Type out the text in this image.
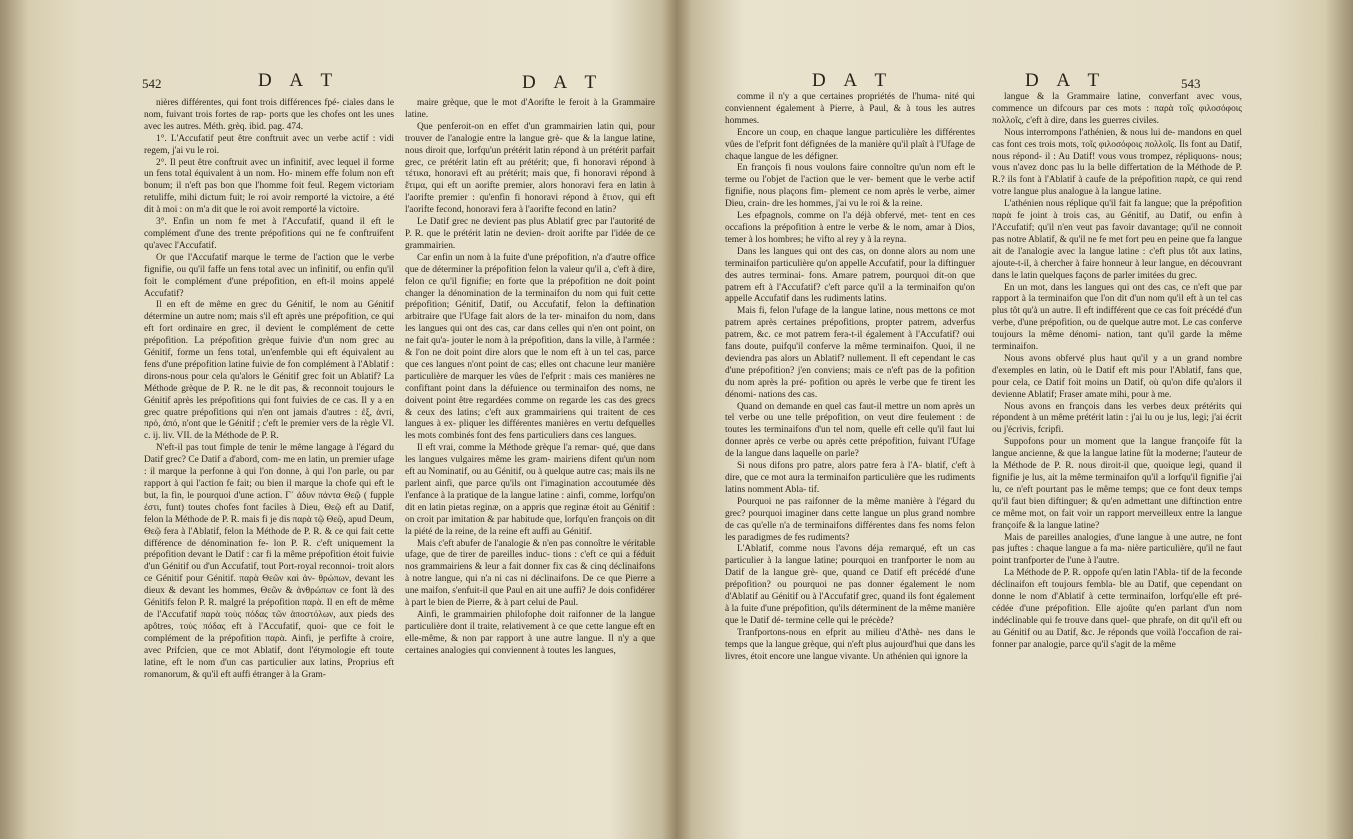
542	D A T	D A T

nières différentes, qui font trois différences fpé- ciales dans le nom, fuivant trois fortes de rap- ports que les chofes ont les unes avec les autres. Méth. grèq. ibid. pag. 474.

1°. L'Accufatif peut être conftruit avec un verbe actif : vidi regem, j'ai vu le roi.

2°. Il peut être conftruit avec un infinitif, avec lequel il forme un fens total équivalent à un nom. Ho- minem effe folum non eft bonum; il n'eft pas bon que l'homme foit feul. Regem victoriam retuliffe, mihi dictum fuit; le roi avoir remporté la victoire, a été dit à moi : on m'a dit que le roi avoit remporté la victoire.

3°. Enfin un nom fe met à l'Accufatif, quand il eft le complément d'une des trente prépofitions qui ne fe conftruifent qu'avec l'Accufatif.

Or que l'Accufatif marque le terme de l'action que le verbe fignifie, ou qu'il faffe un fens total avec un infinitif, ou enfin qu'il foit le complément d'une prépofition, en eft-il moins appelé Accufatif?

Il en eft de même en grec du Génitif, le nom au Génitif détermine un autre nom; mais s'il eft après une prépofition, ce qui eft fort ordinaire en grec, il devient le complément de cette prépofition. La prépofition grèque fuivie d'un nom grec au Génitif, forme un fens total, un'enfemble qui eft équivalent au fens d'une prépofition latine fuivie de fon complément à l'Ablatif : dirons-nous pour cela qu'alors le Génitif grec foit un Ablatif? La Méthode grèque de P. R. ne le dit pas, & reconnoit toujours le Génitif après les prépofitions qui font fuivies de ce cas. Il y a en grec quatre prépofitions qui n'en ont jamais d'autres : ἐξ, ἀντί, πρό, ἀπό, n'ont que le Génitif ; c'eft le premier vers de la règle VI. c. ij. liv. VII. de la Méthode de P. R.

N'eft-il pas tout fimple de tenir le même langage à l'égard du Datif grec? Ce Datif a d'abord, com- me en latin, un premier ufage : il marque la perfonne à qui l'on donne, à qui l'on parle, ou par rapport à qui l'action fe fait; ou bien il marque la chofe qui eft le but, la fin, le pourquoi d'une action. Γ᾽ ἀδυν πάντα Θεῷ ( fupple ἐστι, funt) toutes chofes font faciles à Dieu, Θεῷ eft au Datif, felon la Méthode de P. R. mais fi je dis παρὰ τῷ Θεῷ, apud Deum, Θεῷ fera à l'Ablatif, felon la Méthode de P. R. & ce qui fait cette différence de dénomination fe- lon P. R. c'eft uniquement la prépofition devant le Datif : car fi la même prépofition étoit fuivie d'un Génitif ou d'un Accufatif, tout Port-royal reconnoi- troit alors ce Génitif pour Génitif. παρὰ Θεῶν καὶ ἀν- θρώπων, devant les dieux & devant les hommes, Θεῶν & ἀνθρώπων ce font là des Génitifs felon P. R. malgré la prépofition παρὰ. Il en eft de même de l'Accufatif παρὰ τοὺς πόδας τῶν ἀποστόλων, aux pieds des apôtres, τοὺς πόδας eft à l'Accufatif, quoi- que ce foit le complément de la prépofition παρὰ. Ainfi, je perfifte à croire, avec Prifcien, que ce mot Ablatif, dont l'étymologie eft toute latine, eft le nom d'un cas particulier aux latins, Proprius eft romanorum, & qu'il eft auffi étranger à la Gram-

maire grèque, que le mot d'Aorifte le feroit à la Grammaire latine.

Que penferoit-on en effet d'un grammairien latin qui, pour trouver de l'analogie entre la langue grè- que & la langue latine, nous diroit que, lorfqu'un prétérit latin répond à un prétérit parfait grec, ce prétérit latin eft au prétérit; que, fi honoravi répond à τέτικα, honoravi eft au prétérit; mais que, fi honoravi répond à ἔτιμα, qui eft un aorifte premier, alors honoravi fera en latin à l'aorifte premier : qu'enfin fi honoravi répond à ἔτιον, qui eft l'aorifte fecond, honoravi fera à l'aorifte fecond en latin?

Le Datif grec ne devient pas plus Ablatif grec par l'autorité de P. R. que le prétérit latin ne devien- droit aorifte par l'idée de ce grammairien.

Car enfin un nom à la fuite d'une prépofition, n'a d'autre office que de déterminer la prépofition felon la valeur qu'il a, c'eft à dire, felon ce qu'il fignifie; en forte que la prépofition ne doit point changer la dénomination de la terminaifon du nom qui fuit cette prépofition; Génitif, Datif, ou Accufatif, felon la deftination arbitraire que l'Ufage fait alors de la ter- minaifon du nom, dans les langues qui ont des cas, car dans celles qui n'en ont point, on ne fait qu'a- jouter le nom à la prépofition, dans la ville, à l'armée : & l'on ne doit point dire alors que le nom eft à un tel cas, parce que ces langues n'ont point de cas; elles ont chacune leur manière particulière de marquer les vûes de l'efprit : mais ces manières ne confiftant point dans la défuience ou terminaifon des noms, ne doivent point être regardées comme on regarde les cas des grecs & ceux des latins; c'eft aux grammairiens qui traitent de ces langues à ex- pliquer les différentes manières en vertu defquelles les mots combinés font des fens particuliers dans ces langues.

Il eft vrai, comme la Méthode grèque l'a remar- qué, que dans les langues vulgaires même les gram- mairiens difent qu'un nom eft au Nominatif, ou au Génitif, ou à quelque autre cas; mais ils ne parlent ainfi, que parce qu'ils ont l'imagination accoutumée dès l'enfance à la pratique de la langue latine : ainfi, comme, lorfqu'on dit en latin pietas reginæ, on a appris que reginæ étoit au Génitif : on croit par imitation & par habitude que, lorfqu'en françois on dit la piété de la reine, de la reine eft auffi au Génitif.

Mais c'eft abufer de l'analogie & n'en pas connoître le véritable ufage, que de tirer de pareilles induc- tions : c'eft ce qui a féduit nos grammairiens & leur a fait donner fix cas & cinq déclinaifons à notre langue, qui n'a ni cas ni déclinaifons. De ce que Pierre a une maifon, s'enfuit-il que Paul en ait une auffi? Je dois confidérer à part le bien de Pierre, & à part celui de Paul.

Ainfi, le grammairien philofophe doit raifonner de la langue particulière dont il traite, relativement à ce que cette langue eft en elle-même, & non par rapport à une autre langue. Il n'y a que certaines analogies qui conviennent à toutes les langues,

D A T	D A T	543

comme il n'y a que certaines propriétés de l'huma- nité qui conviennent également à Pierre, à Paul, & à tous les autres hommes.

Encore un coup, en chaque langue particulière les différentes vûes de l'efprit font défignées de la manière qu'il plaît à l'Ufage de chaque langue de les défigner.

En françois fi nous voulons faire connoître qu'un nom eft le terme ou l'objet de l'action que le ver- bement que le verbe actif fignifie, nous plaçons fim- plement ce nom après le verbe, aimer Dieu, crain- dre les hommes, j'ai vu le roi & la reine.

Les efpagnols, comme on l'a déjà obfervé, met- tent en ces occafions la prépofition à entre le verbe & le nom, amar à Dios, temer à los hombres; he vifto al rey y à la reyna.

Dans les langues qui ont des cas, on donne alors au nom une terminaifon particulière qu'on appelle Accufatif, pour la diftinguer des autres terminai- fons. Amare patrem, pourquoi dit-on que patrem eft à l'Accufatif? c'eft parce qu'il a la terminaifon qu'on appelle Accufatif dans les rudiments latins.

Mais fi, felon l'ufage de la langue latine, nous mettons ce mot patrem après certaines prépofitions, propter patrem, adverfus patrem, &c. ce mot patrem fera-t-il également à l'Accufatif? oui fans doute, puifqu'il conferve la même terminaifon. Quoi, il ne deviendra pas alors un Ablatif? nullement. Il eft cependant le cas d'une prépofition? j'en conviens; mais ce n'eft pas de la pofition du nom après la pré- pofition ou après le verbe que fe tirent les dénomi- nations des cas.

Quand on demande en quel cas faut-il mettre un nom après un tel verbe ou une telle prépofition, on veut dire feulement : de toutes les terminaifons d'un tel nom, quelle eft celle qu'il faut lui donner après ce verbe ou après cette prépofition, fuivant l'Ufage de la langue dans laquelle on parle?

Si nous difons pro patre, alors patre fera à l'A- blatif, c'eft à dire, que ce mot aura la terminaifon particulière que les rudiments latins nomment Abla- tif.

Pourquoi ne pas raifonner de la même manière à l'égard du grec? pourquoi imaginer dans cette langue un plus grand nombre de cas qu'elle n'a de terminaifons différentes dans fes noms felon les paradigmes de fes rudiments?

L'Ablatif, comme nous l'avons déja remarqué, eft un cas particulier à la langue latine; pourquoi en tranfporter le nom au Datif de la langue grè- que, quand ce Datif eft précédé d'une prépofition? ou pourquoi ne pas donner également le nom d'Ablatif au Génitif ou à l'Accufatif grec, quand ils font également à la fuite d'une prépofition, qu'ils déterminent de la même manière que le Datif dé- termine celle qui le précède?

Tranfportons-nous en efprit au milieu d'Athè- nes dans le temps que la langue grèque, qui n'eft plus aujourd'hui que dans les livres, étoit encore une langue vivante. Un athénien qui ignore la

langue & la Grammaire latine, converfant avec vous, commence un difcours par ces mots : παρὰ τοῖς φιλοσόφοις πολλοῖς, c'eft à dire, dans les guerres civiles.

Nous interrompons l'athénien, & nous lui de- mandons en quel cas font ces trois mots, τοῖς φιλοσόφοις πολλοῖς. Ils font au Datif, nous répond- il : Au Datif! vous vous trompez, répliquons- nous; vous n'avez donc pas lu la belle differtation de la Méthode de P. R.? ils font à l'Ablatif à caufe de la prépofition παρὰ, ce qui rend votre langue plus analogue à la langue latine.

L'athénien nous réplique qu'il fait fa langue; que la prépofition παρὰ fe joint à trois cas, au Génitif, au Datif, ou enfin à l'Accufatif; qu'il n'en veut pas favoir davantage; qu'il ne connoit pas notre Ablatif, & qu'il ne fe met fort peu en peine que fa langue ait de l'analogie avec la langue latine : c'eft plus tôt aux latins, ajoute-t-il, à chercher à faire honneur à leur langue, en découvrant dans le latin quelques façons de parler imitées du grec.

En un mot, dans les langues qui ont des cas, ce n'eft que par rapport à la terminaifon que l'on dit d'un nom qu'il eft à un tel cas plus tôt qu'à un autre. Il eft indifférent que ce cas foit précédé d'un verbe, d'une prépofition, ou de quelque autre mot. Le cas conferve toujours la même dénomi- nation, tant qu'il garde la même terminaifon.

Nous avons obfervé plus haut qu'il y a un grand nombre d'exemples en latin, où le Datif eft mis pour l'Ablatif, fans que, pour cela, ce Datif foit moins un Datif, où qu'on dife qu'alors il devienne Ablatif; Fraser amate mihi, pour à me.

Nous avons en françois dans les verbes deux prétérits qui répondent à un même prétérit latin : j'ai lu ou je lus, legi; j'ai écrit ou j'écrivis, fcripfi.

Suppofons pour un moment que la langue françoife fût la langue ancienne, & que la langue latine fût la moderne; l'auteur de la Méthode de P. R. nous diroit-il que, quoique legi, quand il fignifie je lus, ait la même terminaifon qu'il a lorfqu'il fignifie j'ai lu, ce n'eft pourtant pas le même temps; que ce font deux temps qu'il faut bien diftinguer; & qu'en admettant une diftinction entre ce même mot, on fait voir un rapport merveilleux entre la langue françoife & la langue latine?

Mais de pareilles analogies, d'une langue à une autre, ne font pas juftes : chaque langue a fa ma- nière particulière, qu'il ne faut point tranfporter de l'une à l'autre.

La Méthode de P. R. oppofe qu'en latin l'Abla- tif de la feconde déclinaifon eft toujours fembla- ble au Datif, que cependant on donne le nom d'Ablatif à cette terminaifon, lorfqu'elle eft pré- cédée d'une prépofition. Elle ajoûte qu'en parlant d'un nom indéclinable qui fe trouve dans quel- que phrafe, on dit qu'il eft ou au Génitif ou au Datif, &c. Je réponds que voilà l'occafion de rai- fonner par analogie, parce qu'il s'agit de la même
